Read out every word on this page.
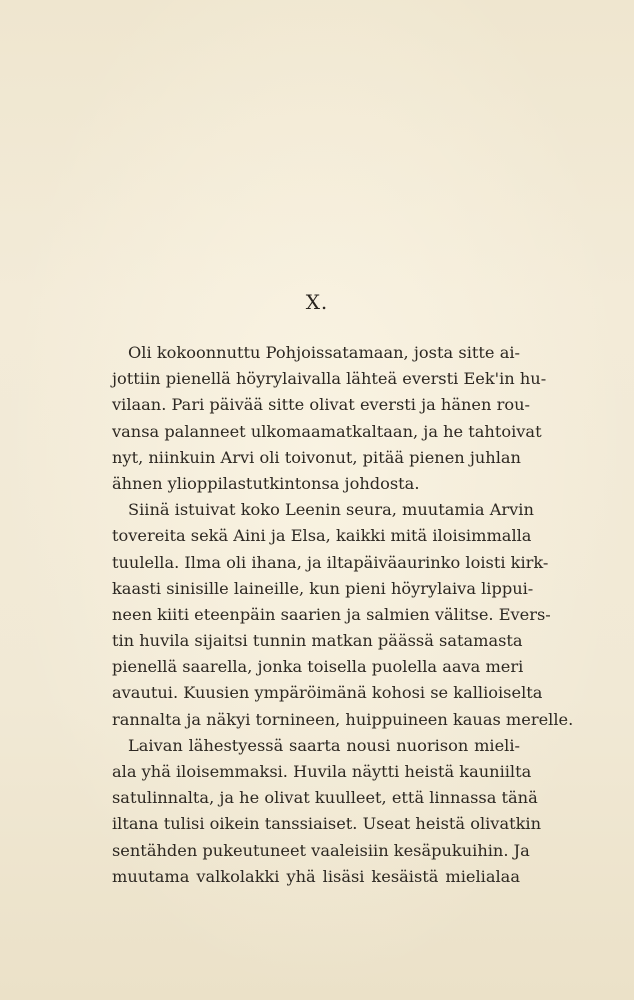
X.
Oli kokoonnuttu Pohjoissatamaan, josta sitte ai-
jottiin pienellä höyrylaivalla lähteä eversti Eek'in hu-
vilaan. Pari päivää sitte olivat eversti ja hänen rou-
vansa palanneet ulkomaamatkaltaan, ja he tahtoivat
nyt, niinkuin Arvi oli toivonut, pitää pienen juhlan
ähnen ylioppilastutkintonsa johdosta.
Siinä istuivat koko Leenin seura, muutamia Arvin
tovereita sekä Aini ja Elsa, kaikki mitä iloisimmalla
tuulella. Ilma oli ihana, ja iltapäiväaurinko loisti kirk-
kaasti sinisille laineille, kun pieni höyrylaiva lippui-
neen kiiti eteenpäin saarien ja salmien välitse. Evers-
tin huvila sijaitsi tunnin matkan päässä satamasta
pienellä saarella, jonka toisella puolella aava meri
avautui. Kuusien ympäröimänä kohosi se kallioiselta
rannalta ja näkyi tornineen, huippuineen kauas merelle.
Laivan lähestyessä saarta nousi nuorison mieli-
ala yhä iloisemmaksi. Huvila näytti heistä kauniilta
satulinnalta, ja he olivat kuulleet, että linnassa tänä
iltana tulisi oikein tanssiaiset. Useat heistä olivatkin
sentähden pukeutuneet vaaleisiin kesäpukuihin. Ja
muutama valkolakki yhä lisäsi kesäistä mielialaa
